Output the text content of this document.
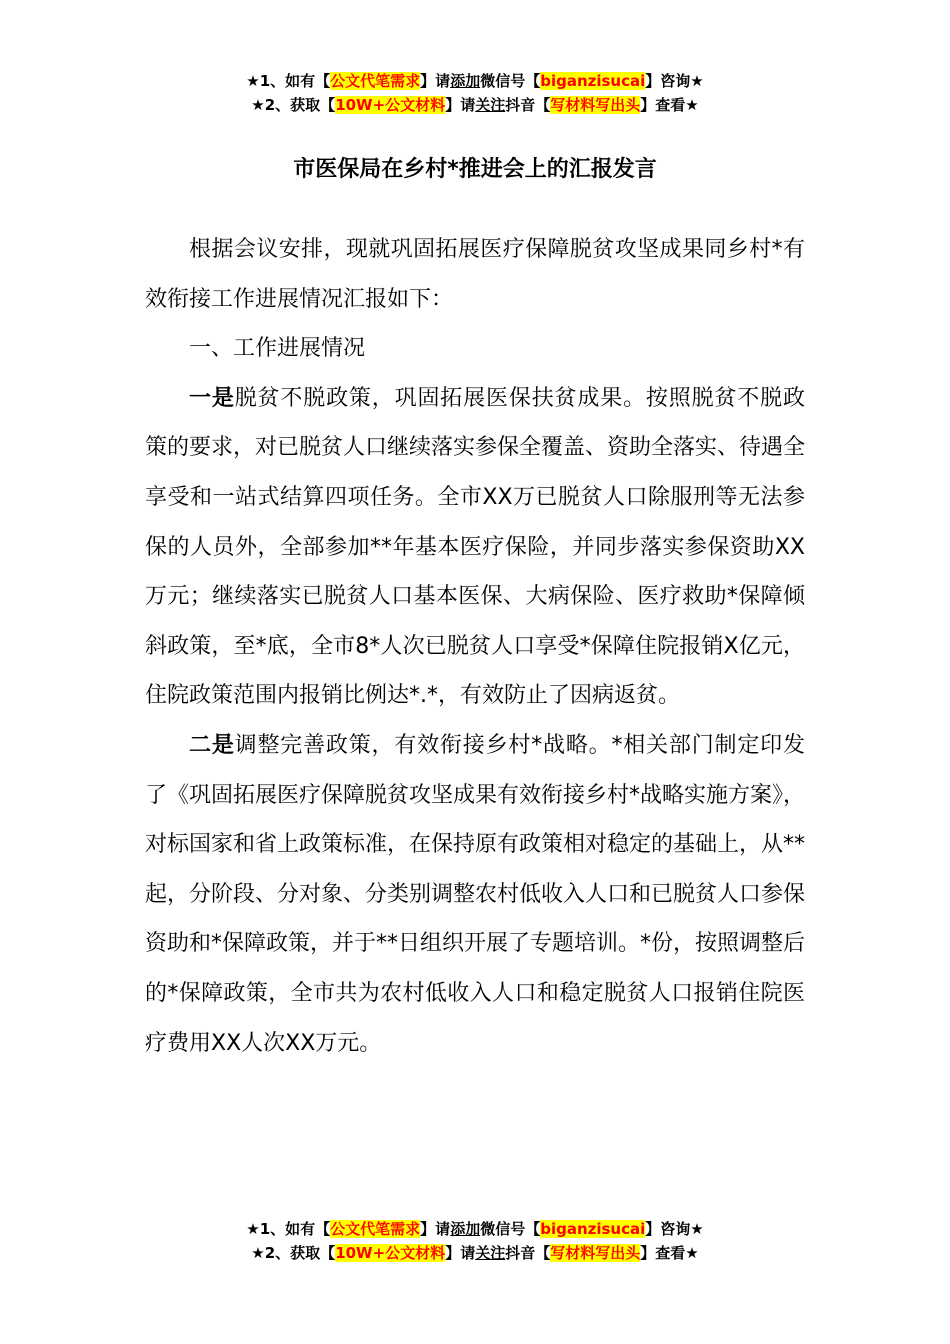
★1、如有【公文代笔需求】请添加微信号【biganzisucai】咨询★
★2、获取【10W+公文材料】请关注抖音【写材料写出头】查看★
市医保局在乡村*推进会上的汇报发言

根据会议安排，现就巩固拓展医疗保障脱贫攻坚成果同乡村*有效衔接工作进展情况汇报如下：

一、工作进展情况

一是脱贫不脱政策，巩固拓展医保扶贫成果。按照脱贫不脱政策的要求，对已脱贫人口继续落实参保全覆盖、资助全落实、待遇全享受和一站式结算四项任务。全市XX万已脱贫人口除服刑等无法参保的人员外，全部参加**年基本医疗保险，并同步落实参保资助XX万元；继续落实已脱贫人口基本医保、大病保险、医疗救助*保障倾斜政策，至*底，全市8*人次已脱贫人口享受*保障住院报销X亿元，住院政策范围内报销比例达*.*，有效防止了因病返贫。

二是调整完善政策，有效衔接乡村*战略。*相关部门制定印发了《巩固拓展医疗保障脱贫攻坚成果有效衔接乡村*战略实施方案》，对标国家和省上政策标准，在保持原有政策相对稳定的基础上，从**起，分阶段、分对象、分类别调整农村低收入人口和已脱贫人口参保资助和*保障政策，并于**日组织开展了专题培训。*份，按照调整后的*保障政策，全市共为农村低收入人口和稳定脱贫人口报销住院医疗费用XX人次XX万元。

★1、如有【公文代笔需求】请添加微信号【biganzisucai】咨询★
★2、获取【10W+公文材料】请关注抖音【写材料写出头】查看★
